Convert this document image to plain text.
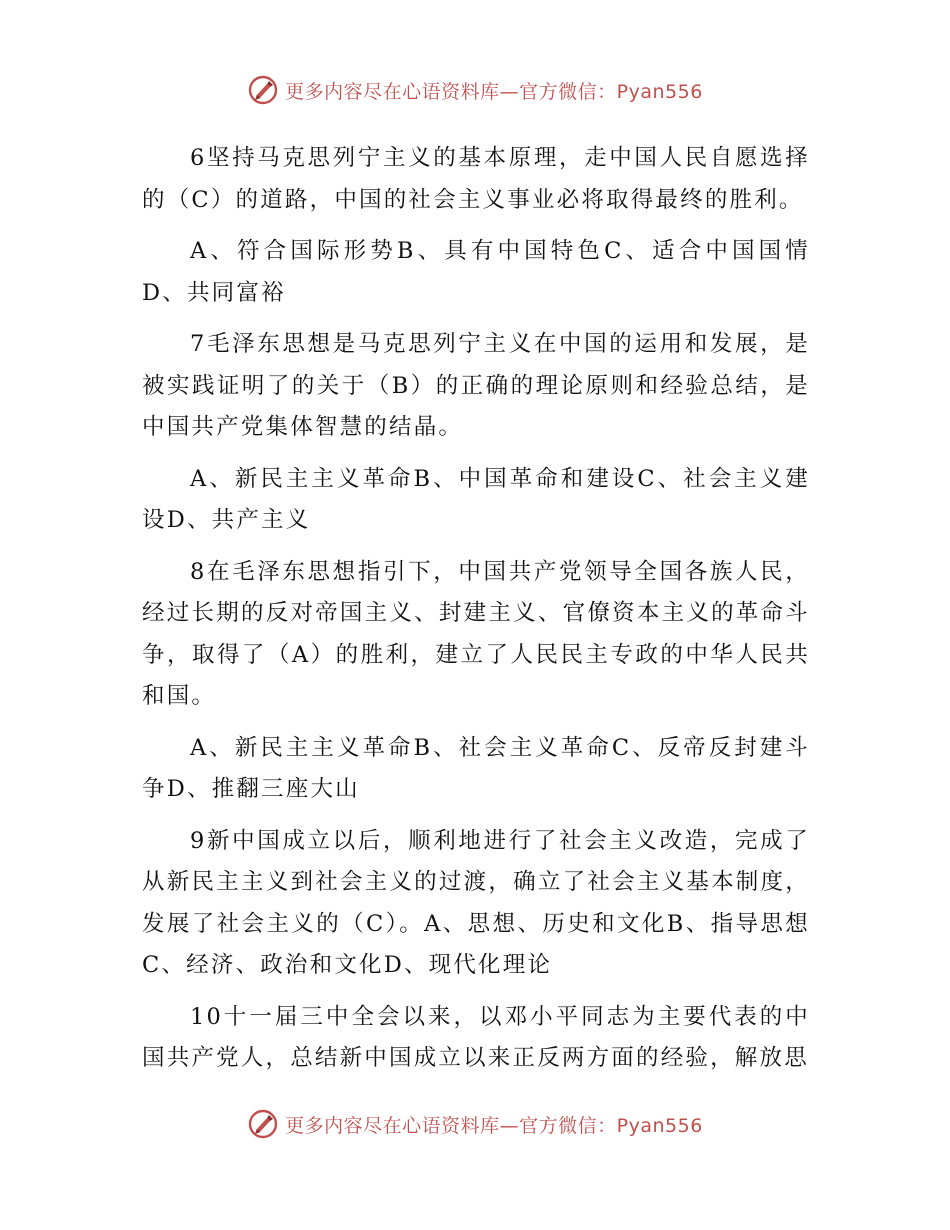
更多内容尽在心语资料库—官方微信：Pyan556

6坚持马克思列宁主义的基本原理，走中国人民自愿选择的（C）的道路，中国的社会主义事业必将取得最终的胜利。

A、符合国际形势B、具有中国特色C、适合中国国情D、共同富裕

7毛泽东思想是马克思列宁主义在中国的运用和发展，是被实践证明了的关于（B）的正确的理论原则和经验总结，是中国共产党集体智慧的结晶。

A、新民主主义革命B、中国革命和建设C、社会主义建设D、共产主义

8在毛泽东思想指引下，中国共产党领导全国各族人民，经过长期的反对帝国主义、封建主义、官僚资本主义的革命斗争，取得了（A）的胜利，建立了人民民主专政的中华人民共和国。

A、新民主主义革命B、社会主义革命C、反帝反封建斗争D、推翻三座大山

9新中国成立以后，顺利地进行了社会主义改造，完成了从新民主主义到社会主义的过渡，确立了社会主义基本制度，发展了社会主义的（C）。A、思想、历史和文化B、指导思想C、经济、政治和文化D、现代化理论

10十一届三中全会以来，以邓小平同志为主要代表的中国共产党人，总结新中国成立以来正反两方面的经验，解放思

更多内容尽在心语资料库—官方微信：Pyan556
